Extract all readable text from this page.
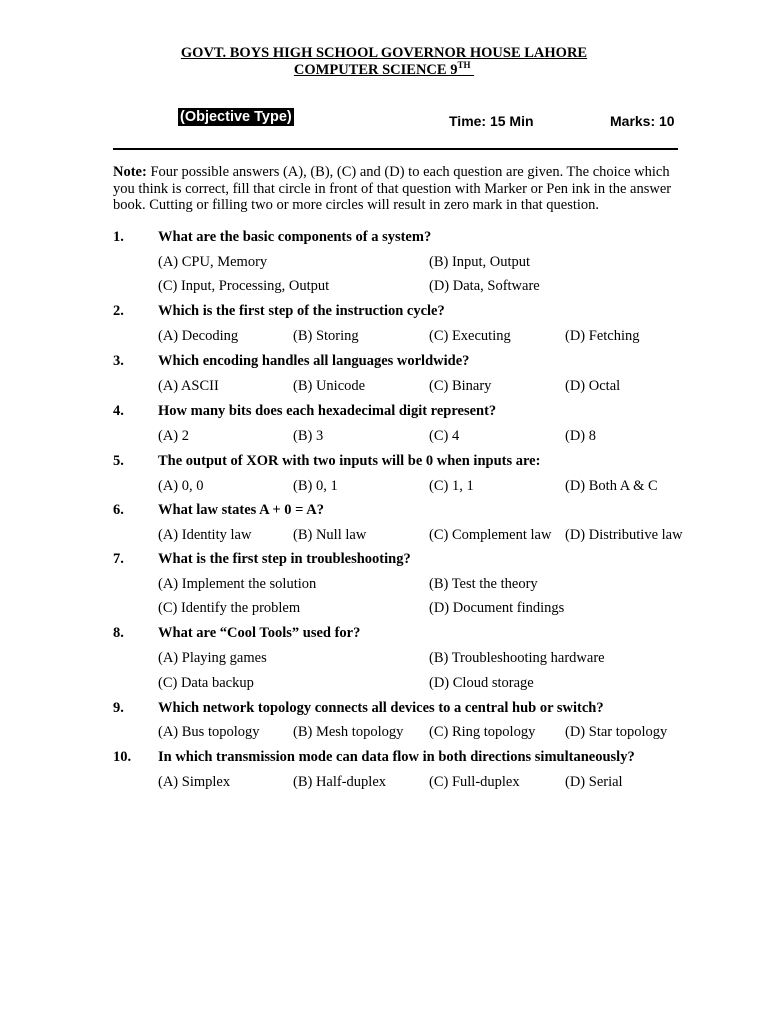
GOVT. BOYS HIGH SCHOOL GOVERNOR HOUSE LAHORE
COMPUTER SCIENCE 9TH
(Objective Type)	Time: 15 Min	Marks: 10
Note: Four possible answers (A), (B), (C) and (D) to each question are given. The choice which you think is correct, fill that circle in front of that question with Marker or Pen ink in the answer book. Cutting or filling two or more circles will result in zero mark in that question.
1. What are the basic components of a system?
(A) CPU, Memory	(B) Input, Output
(C) Input, Processing, Output	(D) Data, Software
2. Which is the first step of the instruction cycle?
(A) Decoding	(B) Storing	(C) Executing	(D) Fetching
3. Which encoding handles all languages worldwide?
(A) ASCII	(B) Unicode	(C) Binary	(D) Octal
4. How many bits does each hexadecimal digit represent?
(A) 2	(B) 3	(C) 4	(D) 8
5. The output of XOR with two inputs will be 0 when inputs are:
(A) 0, 0	(B) 0, 1	(C) 1, 1	(D) Both A & C
6. What law states A + 0 = A?
(A) Identity law	(B) Null law	(C) Complement law (D) Distributive law
7. What is the first step in troubleshooting?
(A) Implement the solution	(B) Test the theory
(C) Identify the problem	(D) Document findings
8. What are “Cool Tools” used for?
(A) Playing games	(B) Troubleshooting hardware
(C) Data backup	(D) Cloud storage
9. Which network topology connects all devices to a central hub or switch?
(A) Bus topology (B) Mesh topology (C) Ring topology (D) Star topology
10. In which transmission mode can data flow in both directions simultaneously?
(A) Simplex	(B) Half-duplex	(C) Full-duplex	(D) Serial
